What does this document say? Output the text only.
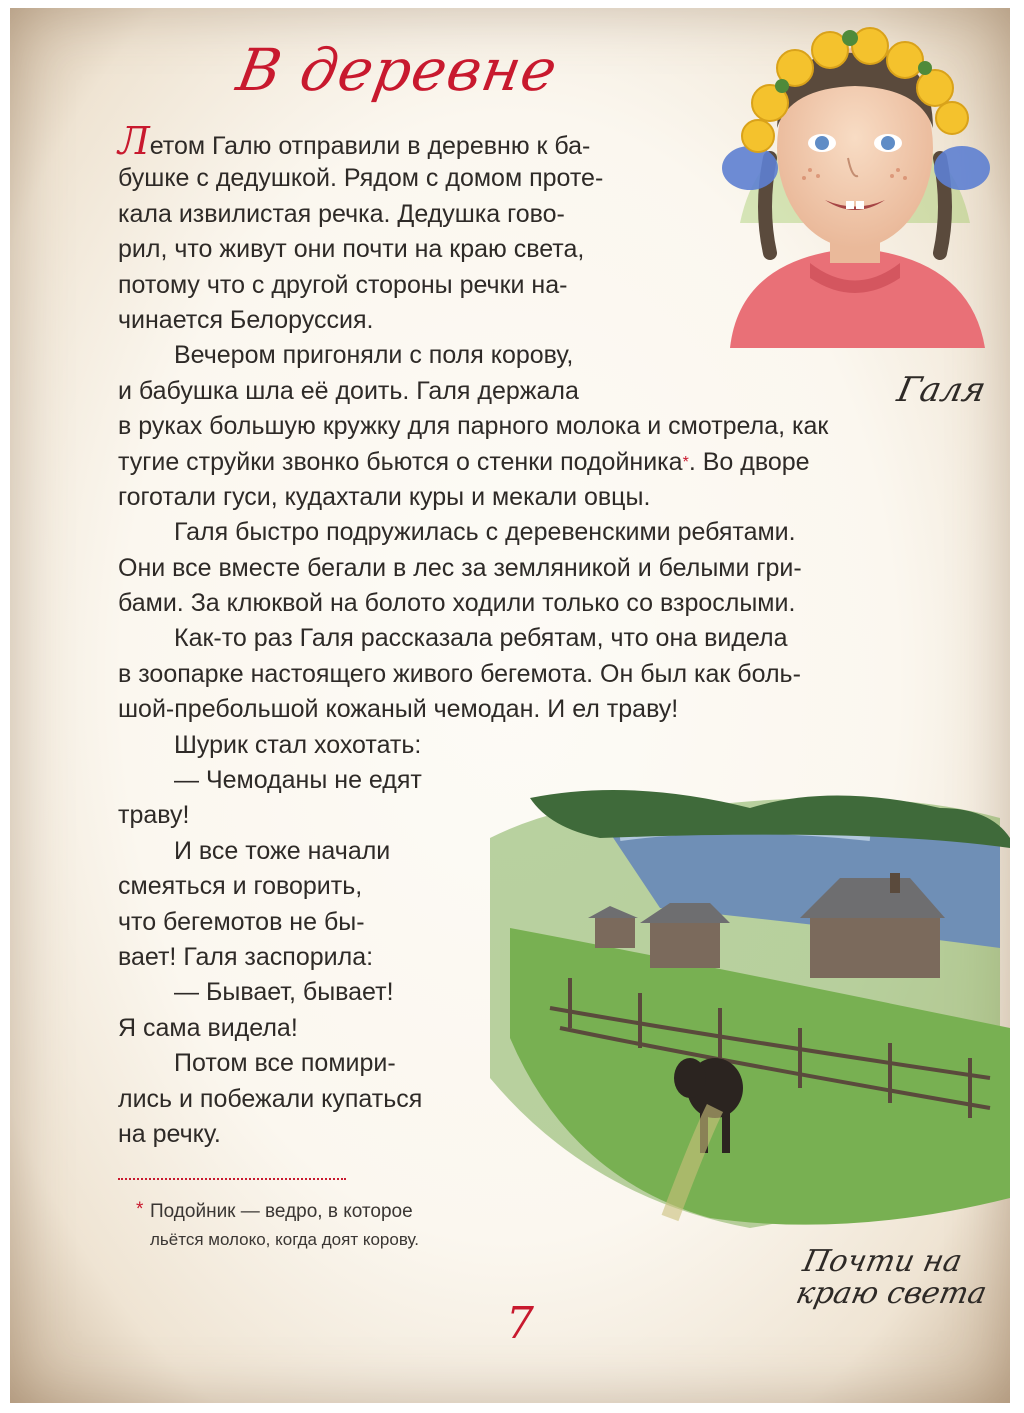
В деревне
Летом Галю отправили в деревню к ба-
бушке с дедушкой. Рядом с домом проте-
кала извилистая речка. Дедушка гово-
рил, что живут они почти на краю света,
потому что с другой стороны речки на-
чинается Белоруссия.
Вечером пригоняли с поля корову,
и бабушка шла её доить. Галя держала
в руках большую кружку для парного молока и смотрела, как
тугие струйки звонко бьются о стенки подойника*. Во дворе
гоготали гуси, кудахтали куры и мекали овцы.
Галя быстро подружилась с деревенскими ребятами.
Они все вместе бегали в лес за земляникой и белыми гри-
бами. За клюквой на болото ходили только со взрослыми.
Как-то раз Галя рассказала ребятам, что она видела
в зоопарке настоящего живого бегемота. Он был как боль-
шой-пребольшой кожаный чемодан. И ел траву!
Шурик стал хохотать:
— Чемоданы не едят
траву!
И все тоже начали
смеяться и говорить,
что бегемотов не бы-
вает! Галя заспорила:
— Бывает, бывает!
Я сама видела!
Потом все помири-
лись и побежали купаться
на речку.
* Подойник — ведро, в которое
льётся молоко, когда доят корову.
Галя
Почти на
краю света
7
